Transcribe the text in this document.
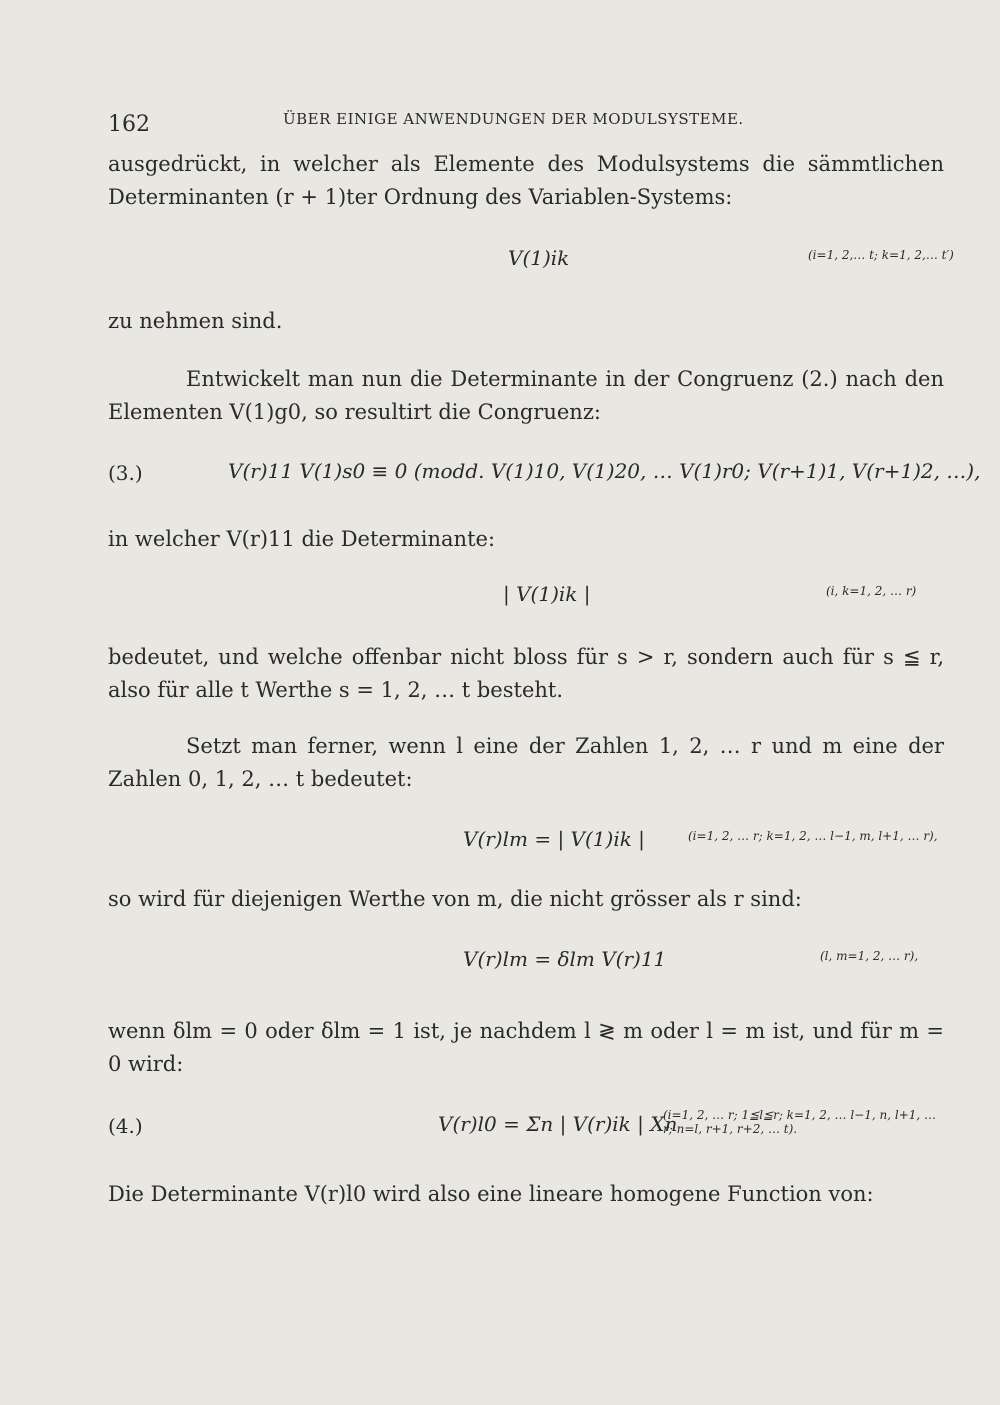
162	ÜBER EINIGE ANWENDUNGEN DER MODULSYSTEME.
ausgedrückt, in welcher als Elemente des Modulsystems die sämmtlichen Determinanten (r + 1)ter Ordnung des Variablen-Systems:
V(1)ik	(i=1, 2,… t; k=1, 2,… t′)
zu nehmen sind.
Entwickelt man nun die Determinante in der Congruenz (2.) nach den Elementen V(1)g0, so resultirt die Congruenz:
(3.)	V(r)11 V(1)s0 ≡ 0 (modd. V(1)10, V(1)20, … V(1)r0; V(r+1)1, V(r+1)2, …),
in welcher V(r)11 die Determinante:
| V(1)ik |	(i, k=1, 2, … r)
bedeutet, und welche offenbar nicht bloss für s > r, sondern auch für s ≦ r, also für alle t Werthe s = 1, 2, … t besteht.
Setzt man ferner, wenn l eine der Zahlen 1, 2, … r und m eine der Zahlen 0, 1, 2, … t bedeutet:
V(r)lm = | V(1)ik |	(i=1, 2, … r; k=1, 2, … l−1, m, l+1, … r),
so wird für diejenigen Werthe von m, die nicht grösser als r sind:
V(r)lm = δlm V(r)11	(l, m=1, 2, … r),
wenn δlm = 0 oder δlm = 1 ist, je nachdem l ≷ m oder l = m ist, und für m = 0 wird:
(4.)	V(r)l0 = Σn | V(r)ik | Xn
(i=1, 2, … r; 1≦l≦r; k=1, 2, … l−1, n, l+1, … r; n=l, r+1, r+2, … t).
Die Determinante V(r)l0 wird also eine lineare homogene Function von:
